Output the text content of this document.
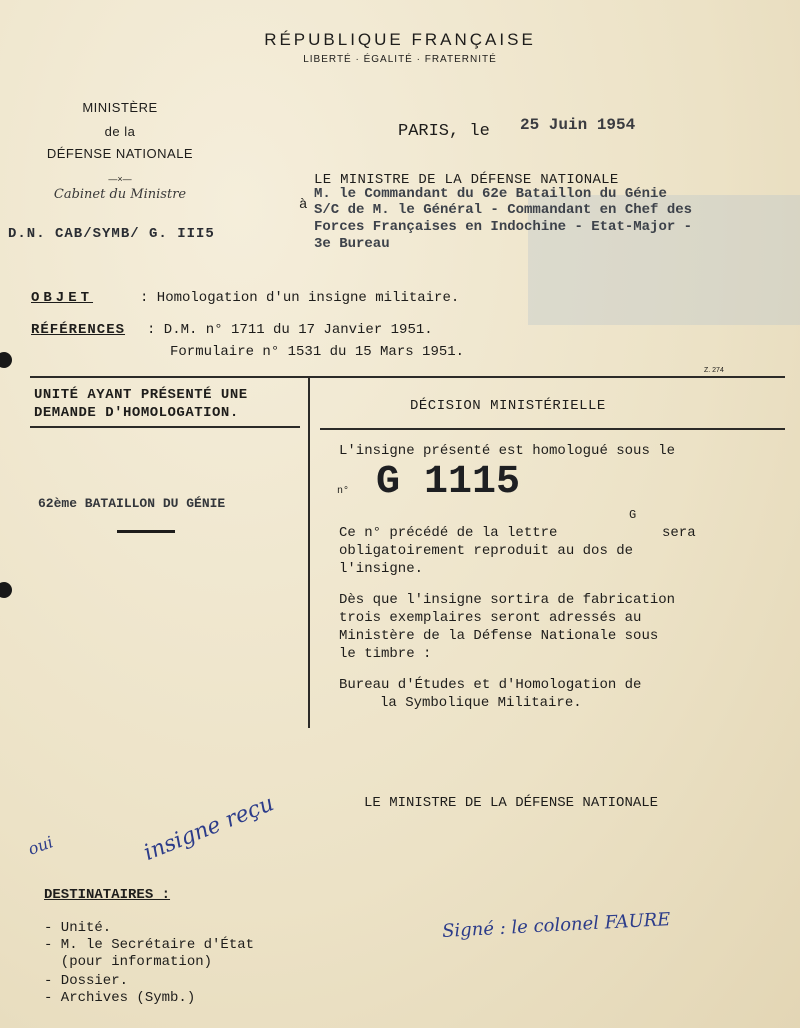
RÉPUBLIQUE FRANÇAISE
LIBERTÉ · ÉGALITÉ · FRATERNITÉ
MINISTÈRE
de la
DÉFENSE NATIONALE
—×—
Cabinet du Ministre
D.N. CAB/SYMB/ G. III5
PARIS, le 25 Juin 1954
LE MINISTRE DE LA DÉFENSE NATIONALE
à
M. le Commandant du 62e Bataillon du Génie
S/C de M. le Général - Commandant en Chef des
Forces Françaises en Indochine - Etat-Major -
3e Bureau
OBJET	: Homologation d'un insigne militaire.
RÉFÉRENCES : D.M. n° 1711 du 17 Janvier 1951.
Formulaire n° 1531 du 15 Mars 1951.
Z. 274
UNITÉ AYANT PRÉSENTÉ UNE
DEMANDE D'HOMOLOGATION.
62ème BATAILLON DU GÉNIE
DÉCISION MINISTÉRIELLE
L'insigne présenté est homologué sous le
n° G 1115
Ce n° précédé de la lettre
G
sera
obligatoirement reproduit au dos de
l'insigne.
Dès que l'insigne sortira de fabrication
trois exemplaires seront adressés au
Ministère de la Défense Nationale sous
le timbre :
Bureau d'Études et d'Homologation de
la Symbolique Militaire.
LE MINISTRE DE LA DÉFENSE NATIONALE
oui	insigne reçu
Signé : le colonel FAURE
DESTINATAIRES :
- Unité.
- M. le Secrétaire d'État
(pour information)
- Dossier.
- Archives (Symb.)
